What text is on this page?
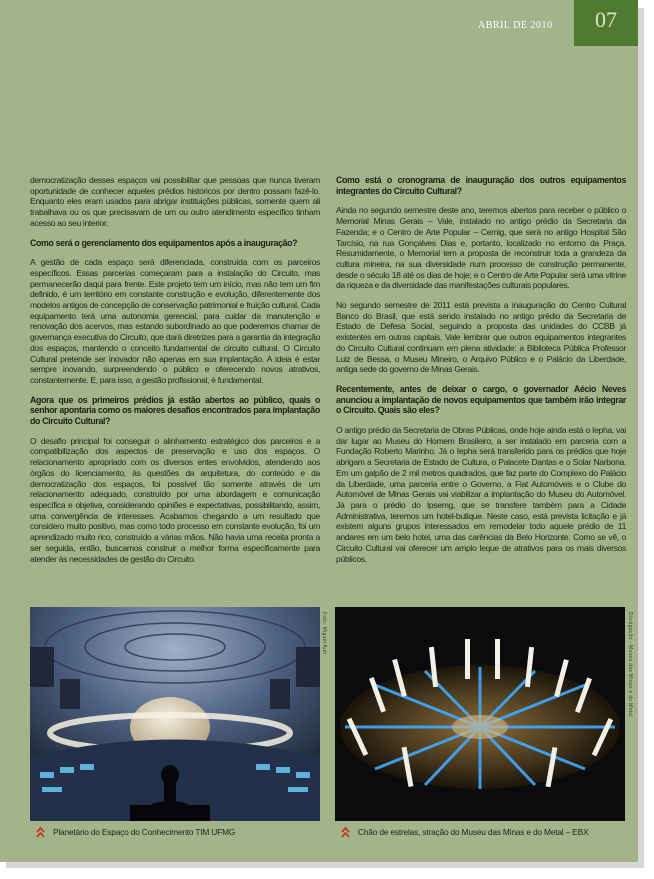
ABRIL DE 2010	07

democratização desses espaços vai possibilitar que pessoas que nunca tiveram oportunidade de conhecer aqueles prédios históricos por dentro possam fazê-lo. Enquanto eles eram usados para abrigar instituições públicas, somente quem ali trabalhava ou os que precisavam de um ou outro atendimento específico tinham acesso ao seu interior.

Como será o gerenciamento dos equipamentos após a inauguração?

A gestão de cada espaço será diferenciada, construída com os parceiros específicos. Essas parcerias começaram para a instalação do Circuito, mas permanecerão daqui para frente. Este projeto tem um início, mas não tem um fim definido, é um território em constante construção e evolução, diferentemente dos modelos antigos de concepção de conservação patrimonial e fruição cultural. Cada equipamento terá uma autonomia gerencial, para cuidar da manutenção e renovação dos acervos, mas estando subordinado ao que poderemos chamar de governança executiva do Circuito, que dará diretrizes para a garantia da integração dos espaços, mantendo o conceito fundamental de circuito cultural. O Circuito Cultural pretende ser inovador não apenas em sua implantação. A ideia é estar sempre inovando, surpreendendo o público e oferecendo novos atrativos, constantemente. E, para isso, a gestão profissional, é fundamental.

Agora que os primeiros prédios já estão abertos ao público, quais o senhor apontaria como os maiores desafios encontrados para implantação do Circuito Cultural?

O desafio principal foi conseguir o alinhamento estratégico dos parceiros e a compatibilização dos aspectos de preservação e uso dos espaços. O relacionamento apropriado com os diversos entes envolvidos, atendendo aos órgãos do licenciamento, às questões da arquitetura, do conteúdo e da democratização dos espaços, foi possível tão somente através de um relacionamento adequado, construído por uma abordagem e comunicação específica e objetiva, considerando opiniões e expectativas, possibilitando, assim, uma convergência de interesses. Acabamos chegando a um resultado que considero muito positivo, mas como todo processo em constante evolução, foi um aprendizado muito rico, construído a várias mãos. Não havia uma receita pronta a ser seguida, então, buscamos construir a melhor forma especificamente para atender às necessidades de gestão do Circuito.

Como está o cronograma de inauguração dos outros equipamentos integrantes do Circuito Cultural?

Ainda no segundo semestre deste ano, teremos abertos para receber o público o Memorial Minas Gerais – Vale, instalado no antigo prédio da Secretaria da Fazenda; e o Centro de Arte Popular – Cemig, que será no antigo Hospital São Tarcísio, na rua Gonçalves Dias e, portanto, localizado no entorno da Praça. Resumidamente, o Memorial tem a proposta de reconstruir toda a grandeza da cultura mineira, na sua diversidade num processo de construção permanente, desde o século 18 até os dias de hoje; e o Centro de Arte Popular será uma vitrine da riqueza e da diversidade das manifestações culturais populares.

No segundo semestre de 2011 está prevista a inauguração do Centro Cultural Banco do Brasil, que está sendo instalado no antigo prédio da Secretaria de Estado de Defesa Social, seguindo a proposta das unidades do CCBB já existentes em outras capitais. Vale lembrar que outros equipamentos integrantes do Circuito Cultural continuam em plena atividade: a Biblioteca Pública Professor Luiz de Bessa, o Museu Mineiro, o Arquivo Público e o Palácio da Liberdade, antiga sede do governo de Minas Gerais.

Recentemente, antes de deixar o cargo, o governador Aécio Neves anunciou a implantação de novos equipamentos que também irão integrar o Circuito. Quais são eles?

O antigo prédio da Secretaria de Obras Públicas, onde hoje ainda está o Iepha, vai dar lugar ao Museu do Homem Brasileiro, a ser instalado em parceria com a Fundação Roberto Marinho. Já o Iepha será transferido para os prédios que hoje abrigam a Secretaria de Estado de Cultura, o Palacete Dantas e o Solar Narbona. Em um galpão de 2 mil metros quadrados, que faz parte do Complexo do Palácio da Liberdade, uma parceria entre o Governo, a Fiat Automóveis e o Clube do Automóvel de Minas Gerais vai viabilizar a implantação do Museu do Automóvel. Já para o prédio do Ipsemg, que se transfere também para a Cidade Administrativa, teremos um hotel-butique. Neste caso, está prevista licitação e já existem alguns grupos interessados em remodelar todo aquele prédio de 11 andares em um belo hotel, uma das carências da Belo Horizonte. Como se vê, o Circuito Cultural vai oferecer um amplo leque de atrativos para os mais diversos públicos.

Foto: Miguel Aun	Divulgação - Museu das Minas e do Metal
Planetário do Espaço do Conhecimento TIM UFMG	Chão de estrelas, stração do Museu das Minas e do Metal – EBX
